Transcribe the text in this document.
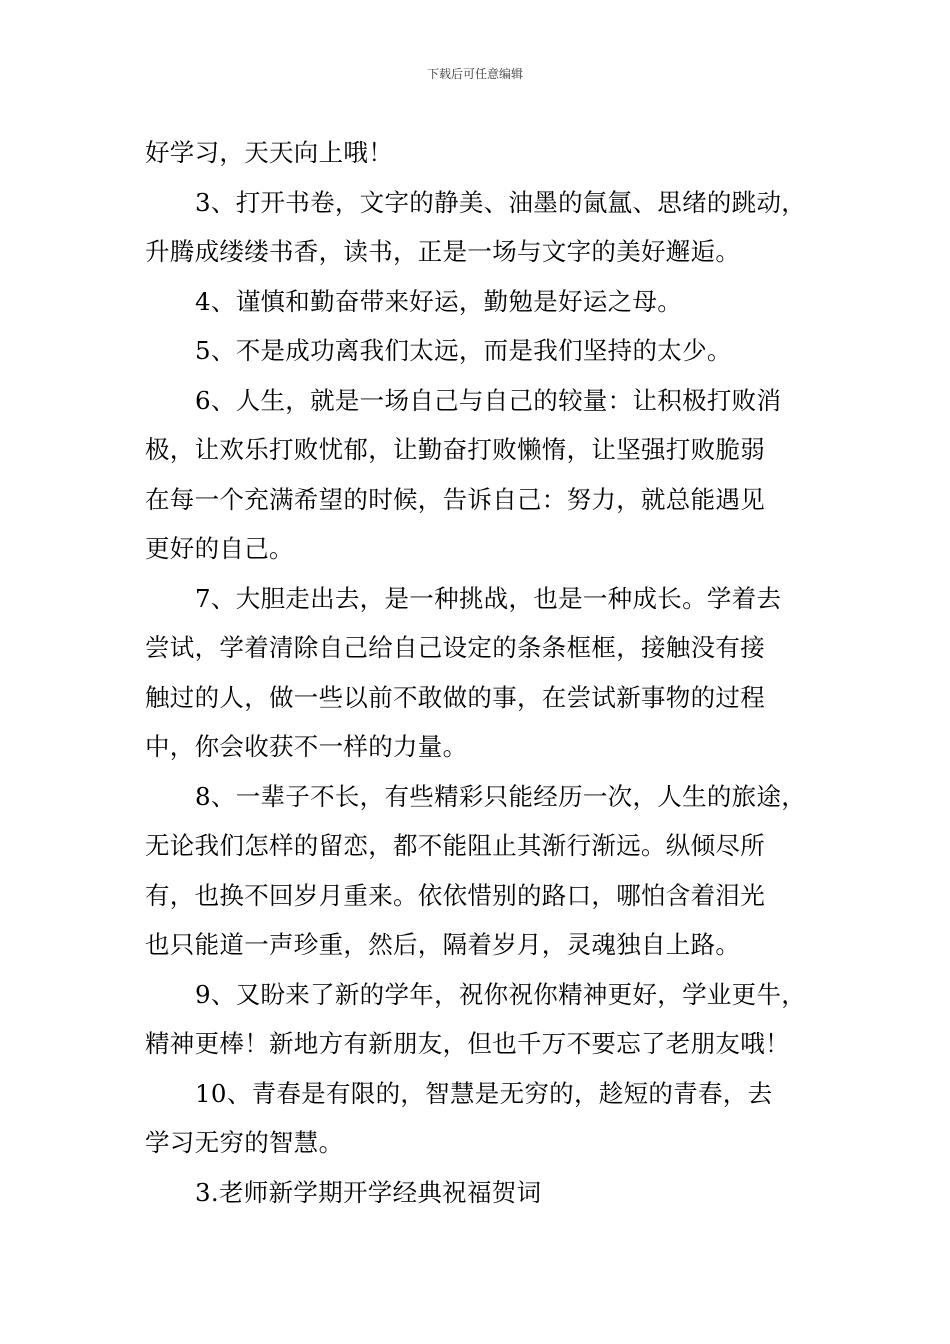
下载后可任意编辑

好学习，天天向上哦！

3、打开书卷，文字的静美、油墨的氤氲、思绪的跳动，

升腾成缕缕书香，读书，正是一场与文字的美好邂逅。

4、谨慎和勤奋带来好运，勤勉是好运之母。

5、不是成功离我们太远，而是我们坚持的太少。

6、人生，就是一场自己与自己的较量：让积极打败消

极，让欢乐打败忧郁，让勤奋打败懒惰，让坚强打败脆弱

在每一个充满希望的时候，告诉自己：努力，就总能遇见

更好的自己。

7、大胆走出去，是一种挑战，也是一种成长。学着去

尝试，学着清除自己给自己设定的条条框框，接触没有接

触过的人，做一些以前不敢做的事，在尝试新事物的过程

中，你会收获不一样的力量。

8、一辈子不长，有些精彩只能经历一次，人生的旅途，

无论我们怎样的留恋，都不能阻止其渐行渐远。纵倾尽所

有，也换不回岁月重来。依依惜别的路口，哪怕含着泪光

也只能道一声珍重，然后，隔着岁月，灵魂独自上路。

9、又盼来了新的学年，祝你祝你精神更好，学业更牛，

精神更棒！新地方有新朋友，但也千万不要忘了老朋友哦！

10、青春是有限的，智慧是无穷的，趁短的青春，去

学习无穷的智慧。

3.老师新学期开学经典祝福贺词
